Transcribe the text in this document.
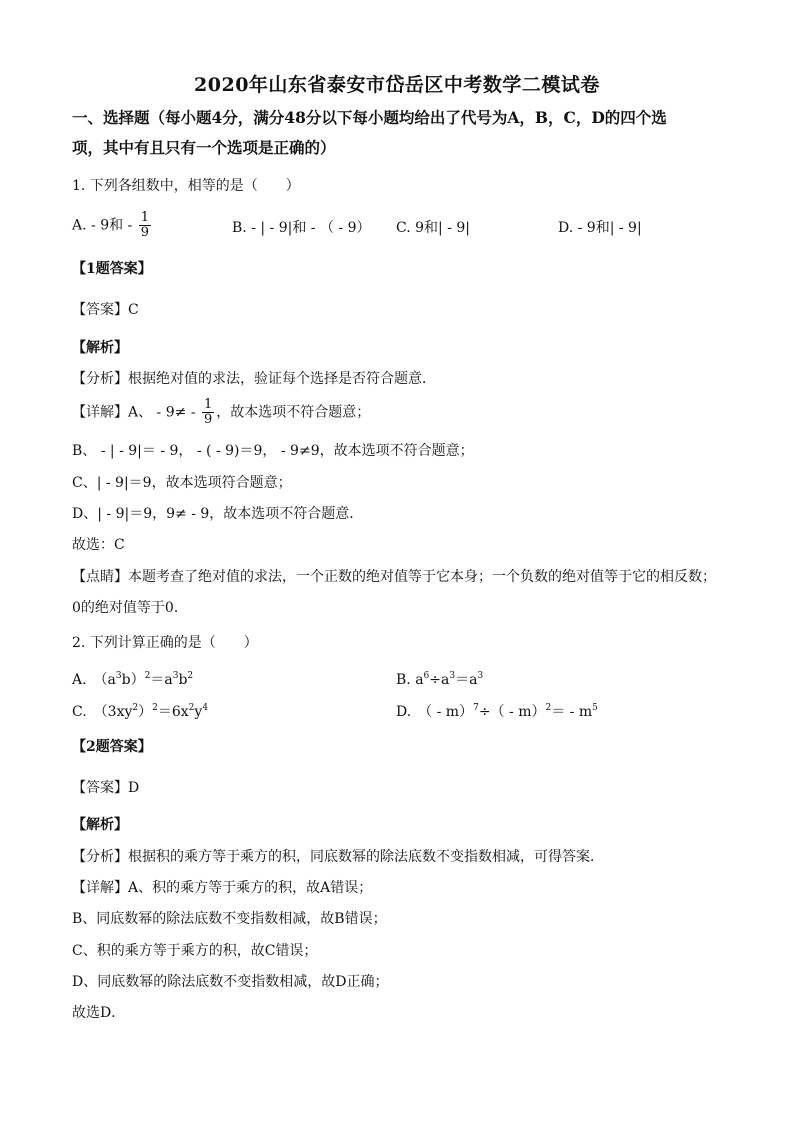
2020年山东省泰安市岱岳区中考数学二模试卷
一、选择题（每小题4分，满分48分以下每小题均给出了代号为A，B，C，D的四个选
项，其中有且只有一个选项是正确的）
1. 下列各组数中，相等的是（　　）
A. - 9和 - $\frac{1}{9}$	B. - | - 9|和 - （ - 9） C. 9和| - 9|	D. - 9和| - 9|
【1题答案】
【答案】C
【解析】
【分析】根据绝对值的求法，验证每个选择是否符合题意．
【详解】A、 - $9\ne - \frac{1}{9}$ ，故本选项不符合题意；
B、 - | - 9|＝ - 9， - ( - 9)＝9， - 9≠9，故本选项不符合题意；
C、| - 9|＝9，故本选项符合题意；
D、| - 9|＝9，9≠ - 9，故本选项不符合题意．
故选：C
【点睛】本题考查了绝对值的求法，一个正数的绝对值等于它本身；一个负数的绝对值等于它的相反数；
0的绝对值等于0．
2. 下列计算正确的是（　　）
A.　$(a^3b)^2=a^3b^2$	B. $a^6\div a^3=a^3$
C.　$(3xy^2)^2=6x^2y^4$	D.　（ - $m)^7\div( - m)^2= - m^5$
【2题答案】
【答案】D
【解析】
【分析】根据积的乘方等于乘方的积，同底数幂的除法底数不变指数相减，可得答案．
【详解】A、积的乘方等于乘方的积，故A错误；
B、同底数幂的除法底数不变指数相减，故B错误；
C、积的乘方等于乘方的积，故C错误；
D、同底数幂的除法底数不变指数相减，故D正确；
故选D．
